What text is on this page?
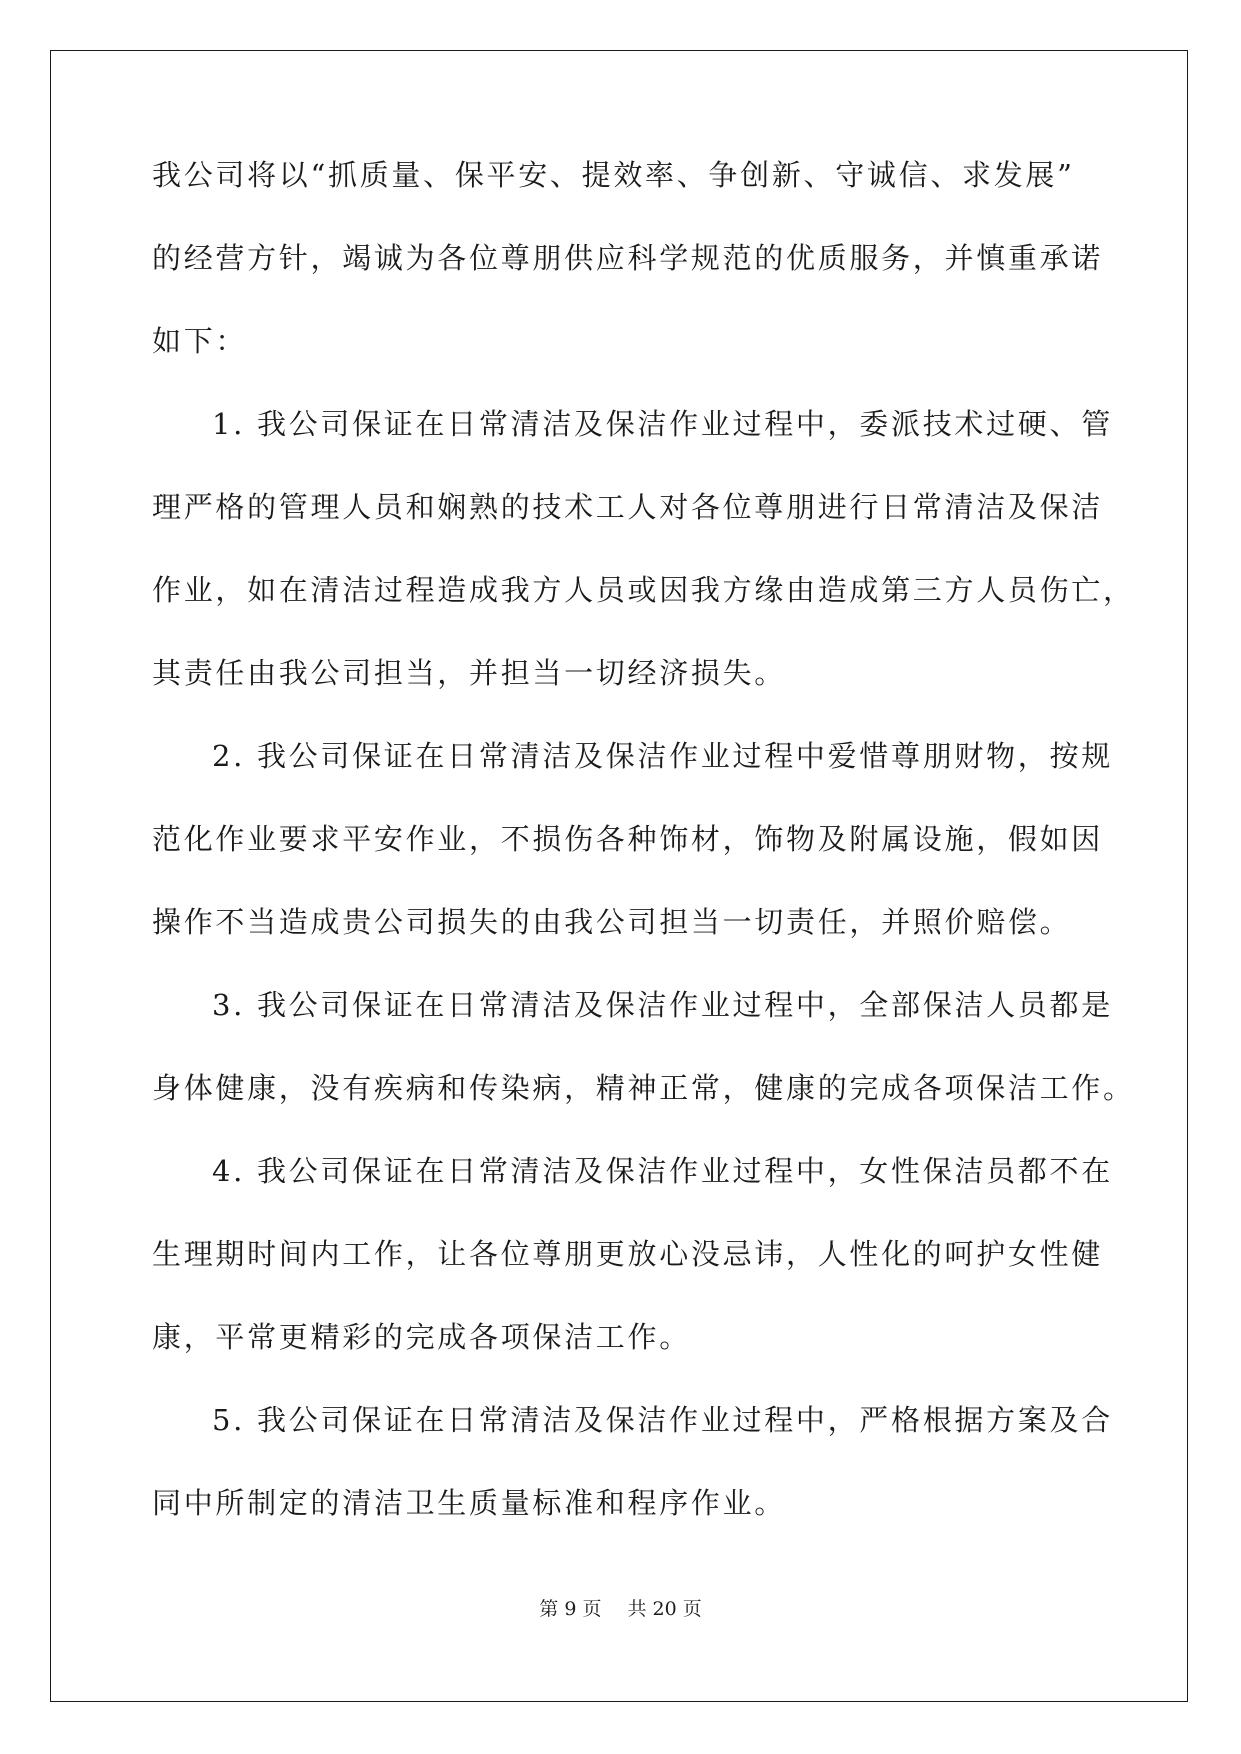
我公司将以“抓质量、保平安、提效率、争创新、守诚信、求发展”
的经营方针，竭诚为各位尊朋供应科学规范的优质服务，并慎重承诺
如下：
1. 我公司保证在日常清洁及保洁作业过程中，委派技术过硬、管
理严格的管理人员和娴熟的技术工人对各位尊朋进行日常清洁及保洁
作业，如在清洁过程造成我方人员或因我方缘由造成第三方人员伤亡，
其责任由我公司担当，并担当一切经济损失。
2. 我公司保证在日常清洁及保洁作业过程中爱惜尊朋财物，按规
范化作业要求平安作业，不损伤各种饰材，饰物及附属设施，假如因
操作不当造成贵公司损失的由我公司担当一切责任，并照价赔偿。
3. 我公司保证在日常清洁及保洁作业过程中，全部保洁人员都是
身体健康，没有疾病和传染病，精神正常，健康的完成各项保洁工作。
4. 我公司保证在日常清洁及保洁作业过程中，女性保洁员都不在
生理期时间内工作，让各位尊朋更放心没忌讳，人性化的呵护女性健
康，平常更精彩的完成各项保洁工作。
5. 我公司保证在日常清洁及保洁作业过程中，严格根据方案及合
同中所制定的清洁卫生质量标准和程序作业。
第 9 页 共 20 页
